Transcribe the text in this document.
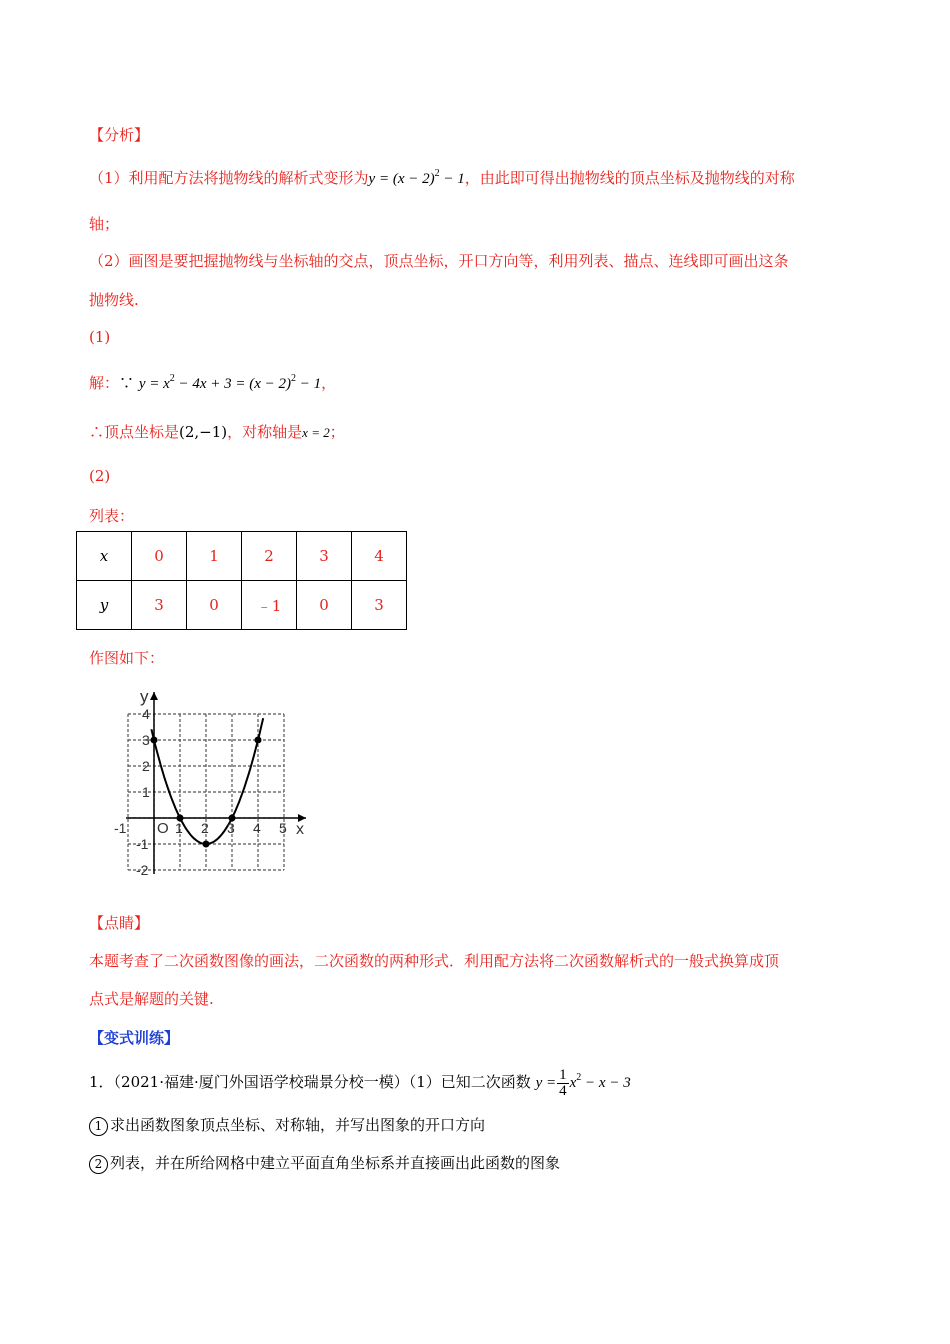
【分析】
（1）利用配方法将抛物线的解析式变形为$y = (x - 2)^2 - 1$，由此即可得出抛物线的顶点坐标及抛物线的对称
轴；
（2）画图是要把握抛物线与坐标轴的交点，顶点坐标，开口方向等，利用列表、描点、连线即可画出这条
抛物线.
(1)
解：∵ $y = x^2 - 4x + 3 = (x - 2)^2 - 1$，
∴顶点坐标是(2,−1)，对称轴是x = 2；
(2)
列表：
x	0	1	2	3	4
y	3	0	﹣1	0	3
作图如下：
y
x
O
-1	1 2 3 4 5
4
3
2
1
-1
-2
【点睛】
本题考查了二次函数图像的画法，二次函数的两种形式．利用配方法将二次函数解析式的一般式换算成顶
点式是解题的关键.
【变式训练】
1．（2021·福建·厦门外国语学校瑞景分校一模）（1）已知二次函数 $y = \frac{1}{4} x^2 - x - 3$
1 求出函数图象顶点坐标、对称轴，并写出图象的开口方向
2 列表，并在所给网格中建立平面直角坐标系并直接画出此函数的图象
